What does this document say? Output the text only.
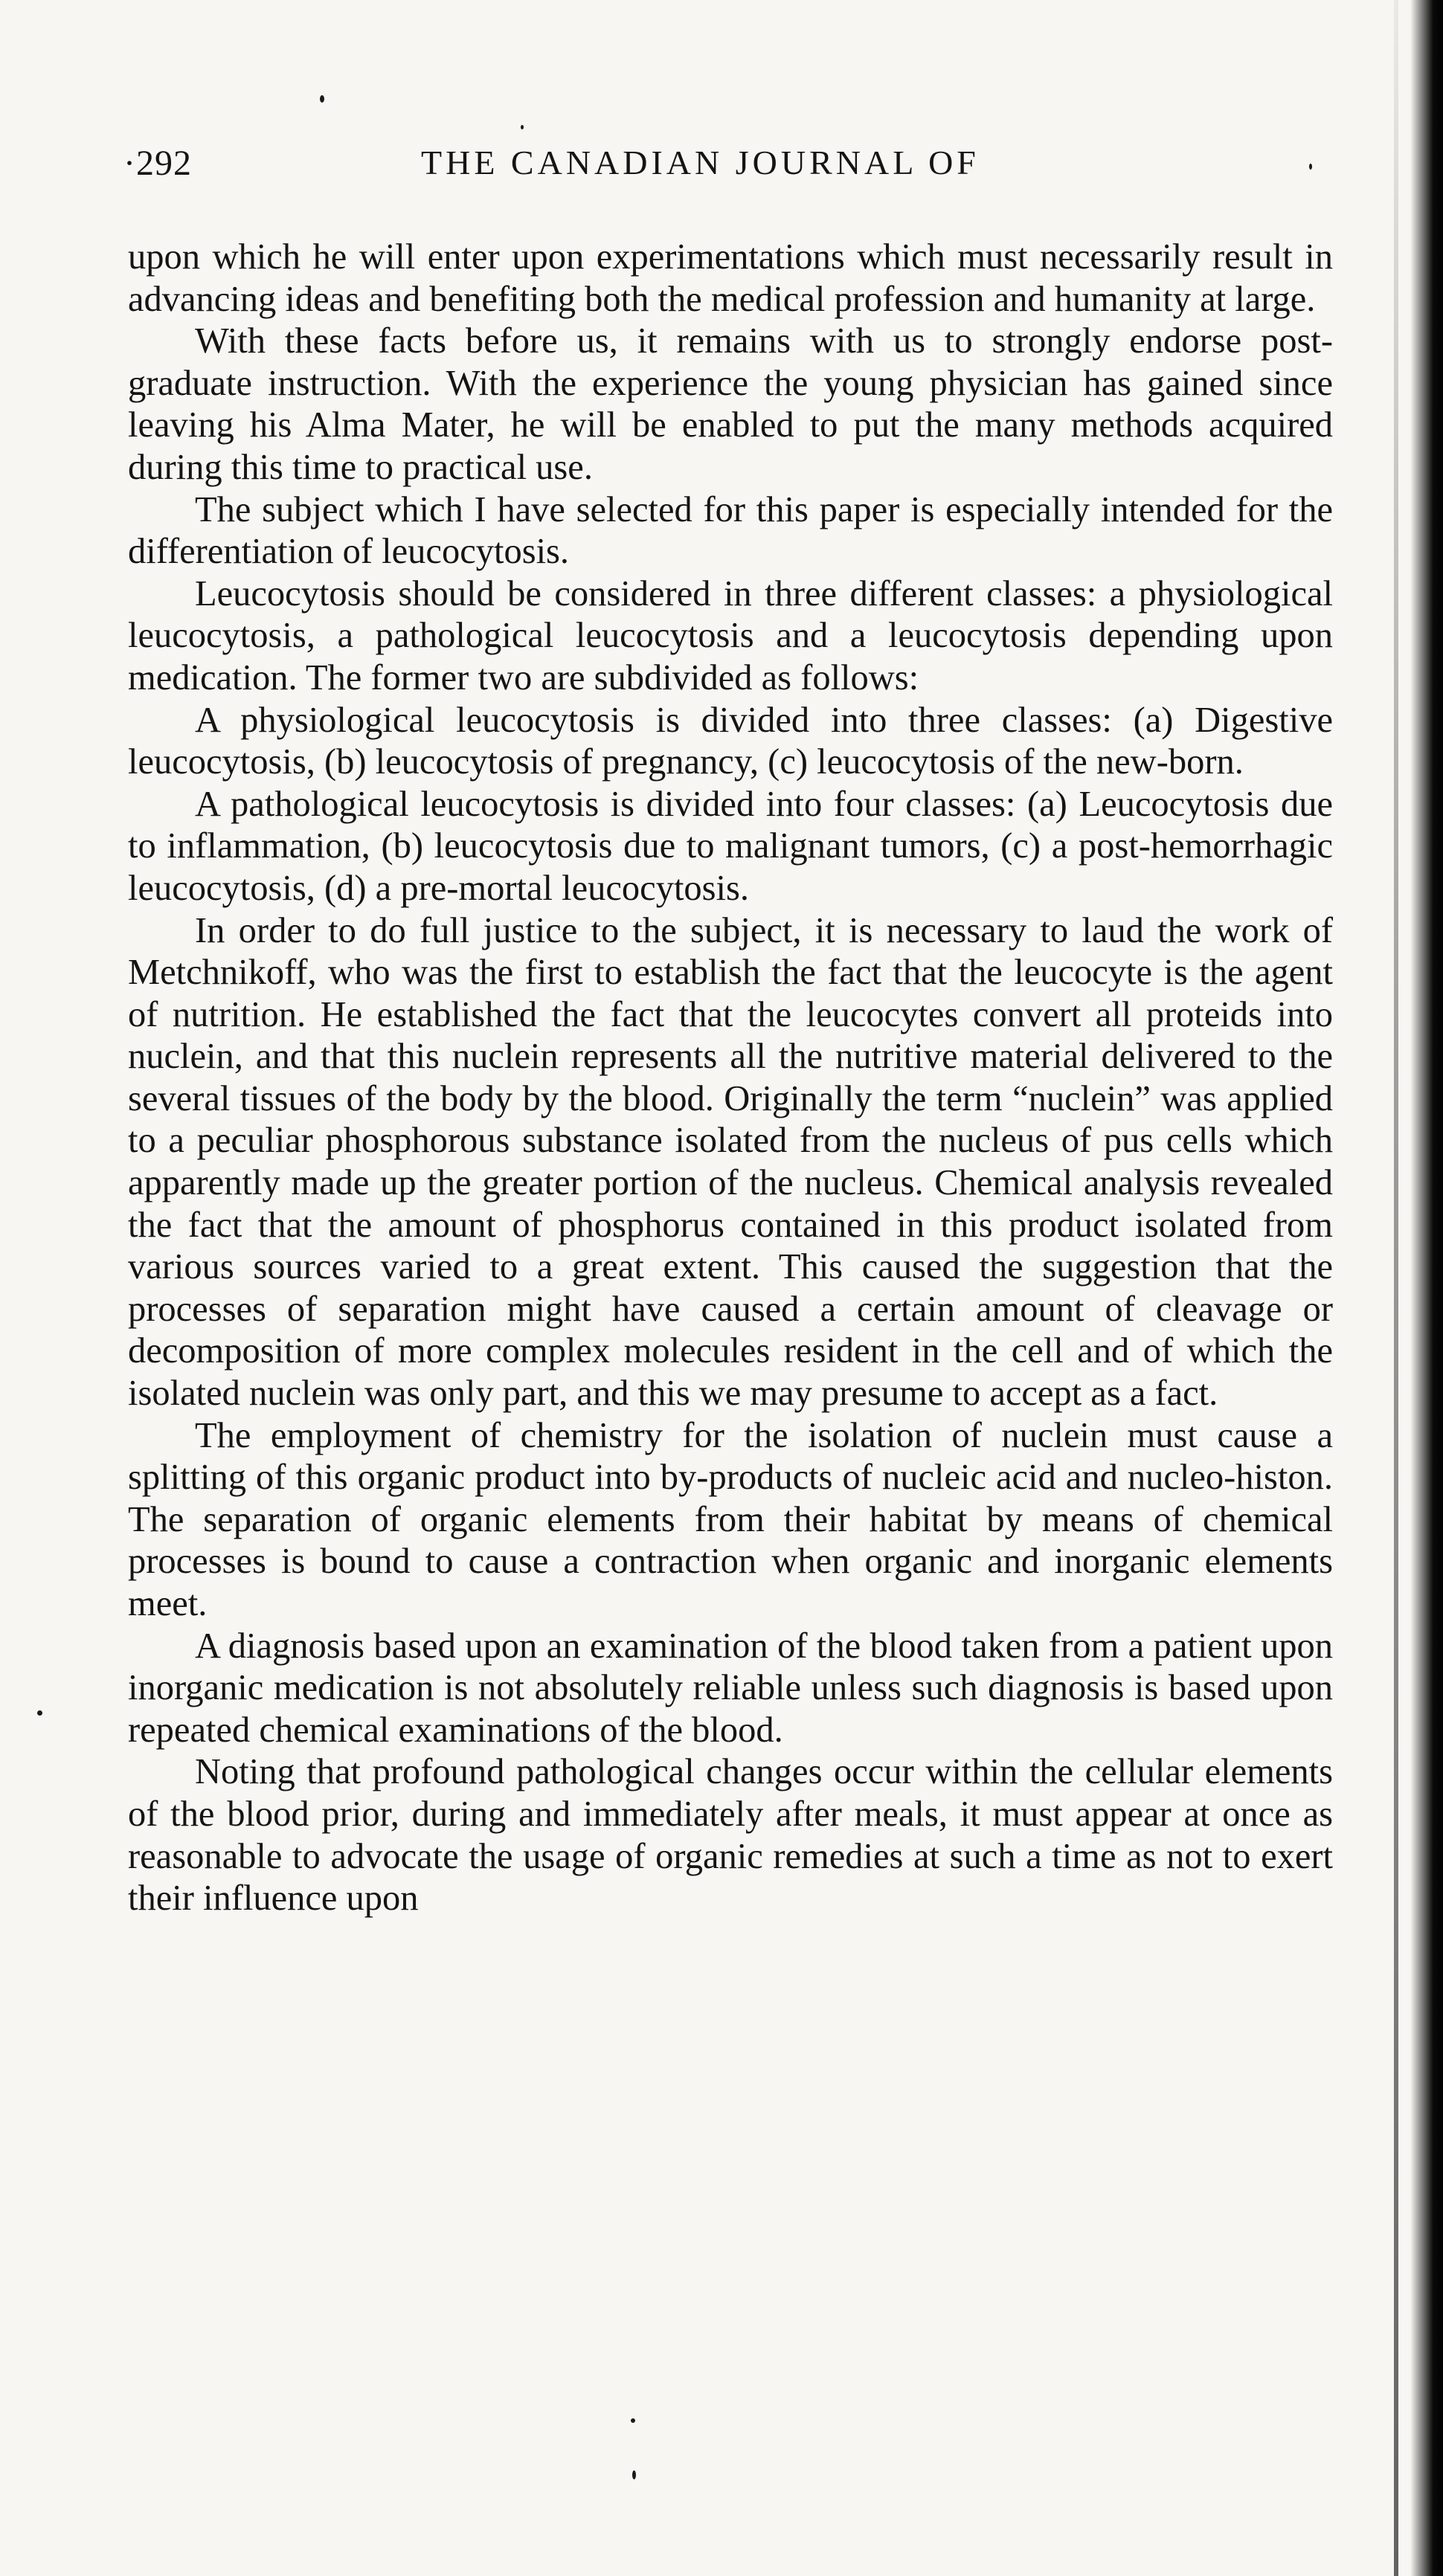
·292	THE CANADIAN JOURNAL OF

upon which he will enter upon experimentations which must necessarily result in advancing ideas and benefiting both the medical profession and humanity at large.

With these facts before us, it remains with us to strongly endorse post-graduate instruction. With the experience the young physician has gained since leaving his Alma Mater, he will be enabled to put the many methods acquired during this time to practical use.

The subject which I have selected for this paper is especially intended for the differentiation of leucocytosis.

Leucocytosis should be considered in three different classes: a physiological leucocytosis, a pathological leucocytosis and a leucocytosis depending upon medication. The former two are subdivided as follows:

A physiological leucocytosis is divided into three classes: (a) Digestive leucocytosis, (b) leucocytosis of pregnancy, (c) leucocytosis of the new-born.

A pathological leucocytosis is divided into four classes: (a) Leucocytosis due to inflammation, (b) leucocytosis due to malignant tumors, (c) a post-hemorrhagic leucocytosis, (d) a pre-mortal leucocytosis.

In order to do full justice to the subject, it is necessary to laud the work of Metchnikoff, who was the first to establish the fact that the leucocyte is the agent of nutrition. He established the fact that the leucocytes convert all proteids into nuclein, and that this nuclein represents all the nutritive material delivered to the several tissues of the body by the blood. Originally the term “nuclein” was applied to a peculiar phosphorous substance isolated from the nucleus of pus cells which apparently made up the greater portion of the nucleus. Chemical analysis revealed the fact that the amount of phosphorus contained in this product isolated from various sources varied to a great extent. This caused the suggestion that the processes of separation might have caused a certain amount of cleavage or decomposition of more complex molecules resident in the cell and of which the isolated nuclein was only part, and this we may presume to accept as a fact.

The employment of chemistry for the isolation of nuclein must cause a splitting of this organic product into by-products of nucleic acid and nucleo-histon. The separation of organic elements from their habitat by means of chemical processes is bound to cause a contraction when organic and inorganic elements meet.

A diagnosis based upon an examination of the blood taken from a patient upon inorganic medication is not absolutely reliable unless such diagnosis is based upon repeated chemical examinations of the blood.

Noting that profound pathological changes occur within the cellular elements of the blood prior, during and immediately after meals, it must appear at once as reasonable to advocate the usage of organic remedies at such a time as not to exert their influence upon
